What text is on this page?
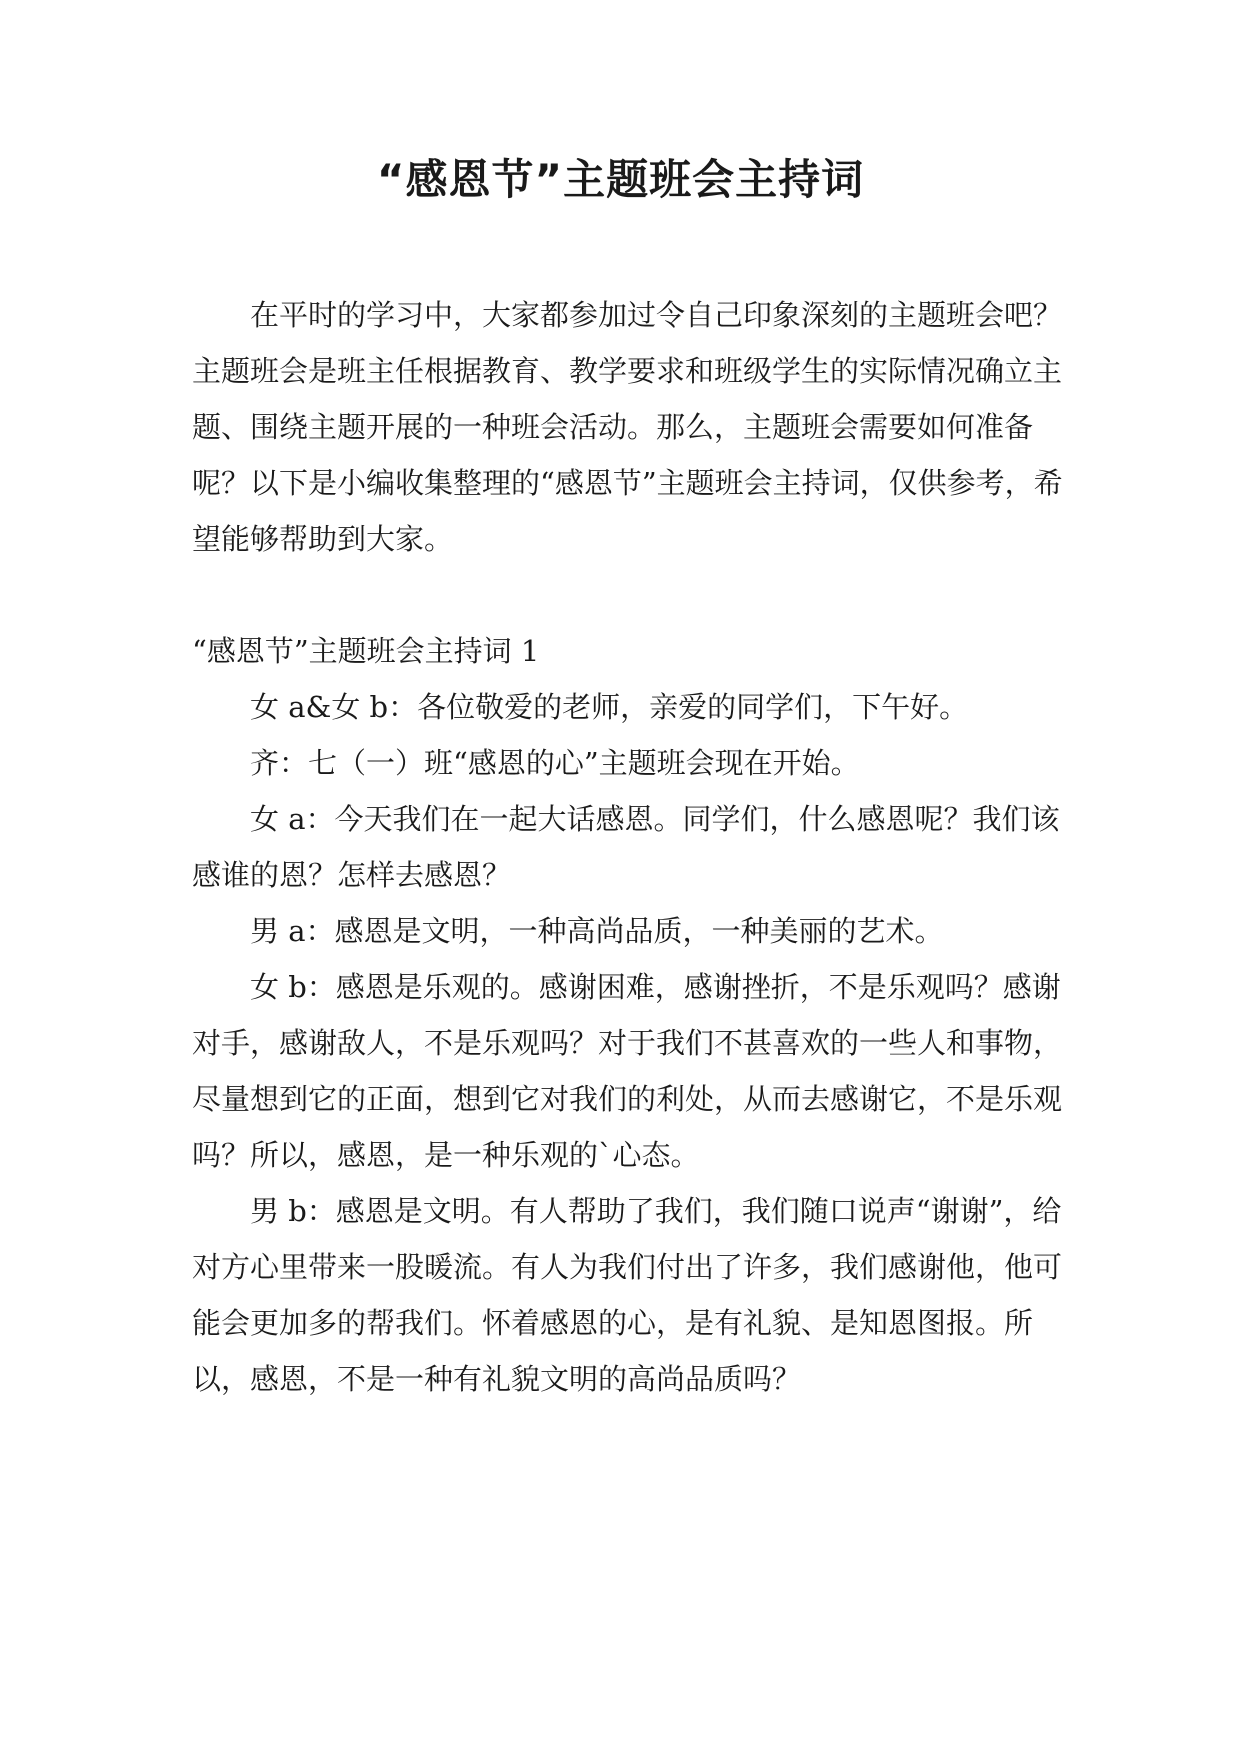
“感恩节”主题班会主持词

在平时的学习中，大家都参加过令自己印象深刻的主题班会吧？主题班会是班主任根据教育、教学要求和班级学生的实际情况确立主题、围绕主题开展的一种班会活动。那么，主题班会需要如何准备呢？以下是小编收集整理的“感恩节”主题班会主持词，仅供参考，希望能够帮助到大家。

“感恩节”主题班会主持词 1

女 a&女 b：各位敬爱的老师，亲爱的同学们，下午好。

齐：七（一）班“感恩的心”主题班会现在开始。

女 a：今天我们在一起大话感恩。同学们，什么感恩呢？我们该感谁的恩？怎样去感恩？

男 a：感恩是文明，一种高尚品质，一种美丽的艺术。

女 b：感恩是乐观的。感谢困难，感谢挫折，不是乐观吗？感谢对手，感谢敌人，不是乐观吗？对于我们不甚喜欢的一些人和事物，尽量想到它的正面，想到它对我们的利处，从而去感谢它，不是乐观吗？所以，感恩，是一种乐观的`心态。

男 b：感恩是文明。有人帮助了我们，我们随口说声“谢谢”，给对方心里带来一股暖流。有人为我们付出了许多，我们感谢他，他可能会更加多的帮我们。怀着感恩的心，是有礼貌、是知恩图报。所以，感恩，不是一种有礼貌文明的高尚品质吗？
